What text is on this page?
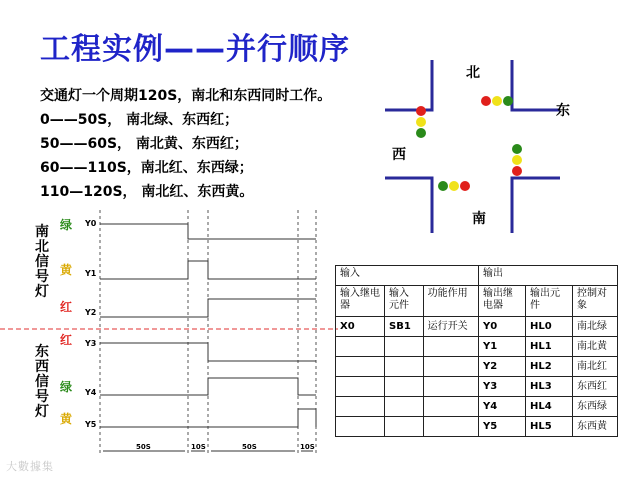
工程实例——并行顺序
交通灯一个周期120S，南北和东西同时工作。
0——50S， 南北绿、东西红；
50——60S， 南北黄、东西红；
60——110S，南北红、东西绿；
110—120S， 南北红、东西黄。
北
东
西
南
南北信号灯
东西信号灯
绿
黄
红
红
绿
黄
Y0
Y1
Y2
Y3
Y4
Y5
50S	10S	50S	10S
输入			输出		
输入继电器	输入元件	功能作用	输出继电器	输出元件	控制对象
X0	SB1	运行开关	Y0	HL0	南北绿
			Y1	HL1	南北黄
			Y2	HL2	南北红
			Y3	HL3	东西红
			Y4	HL4	东西绿
			Y5	HL5	东西黄
大數據集
